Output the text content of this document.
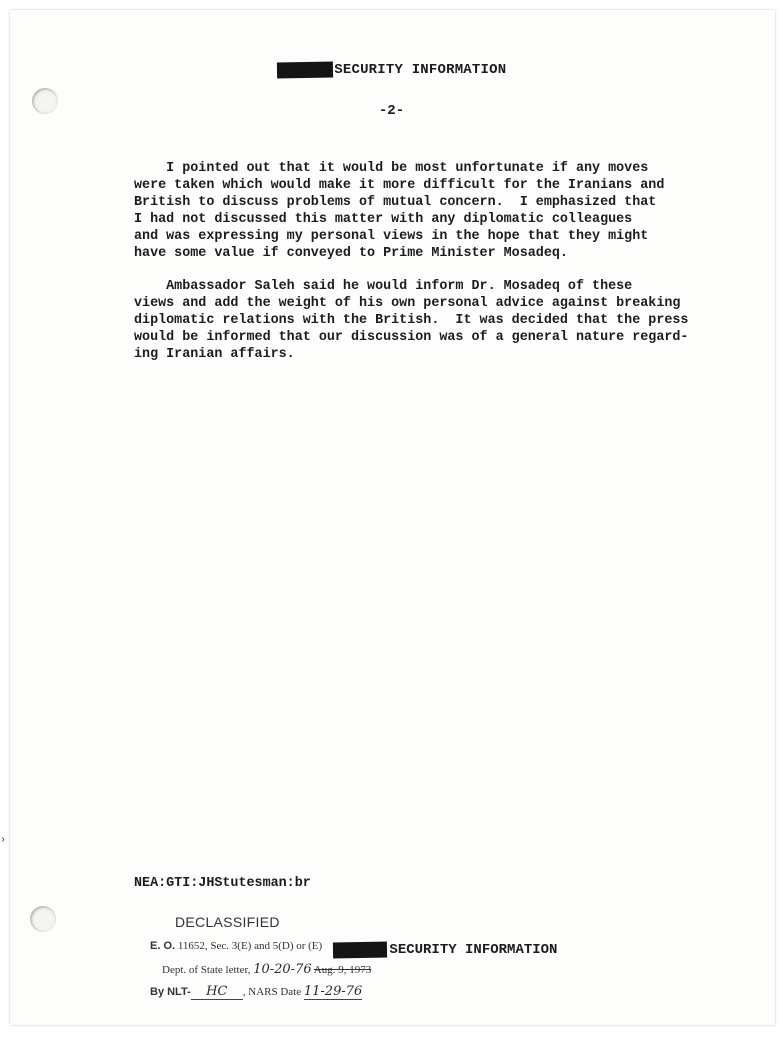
SECRET SECURITY INFORMATION
-2-
I pointed out that it would be most unfortunate if any moves
were taken which would make it more difficult for the Iranians and
British to discuss problems of mutual concern.  I emphasized that
I had not discussed this matter with any diplomatic colleagues
and was expressing my personal views in the hope that they might
have some value if conveyed to Prime Minister Mosadeq.
Ambassador Saleh said he would inform Dr. Mosadeq of these
views and add the weight of his own personal advice against breaking
diplomatic relations with the British.  It was decided that the press
would be informed that our discussion was of a general nature regard-
ing Iranian affairs.
NEA:GTI:JHStutesman:br
›
DECLASSIFIED
E. O. 11652, Sec. 3(E) and 5(D) or (E)
Dept. of State letter, 10-20-76 Aug. 9, 1973
By NLT- HC , NARS Date 11-29-76
SECRET SECURITY INFORMATION
